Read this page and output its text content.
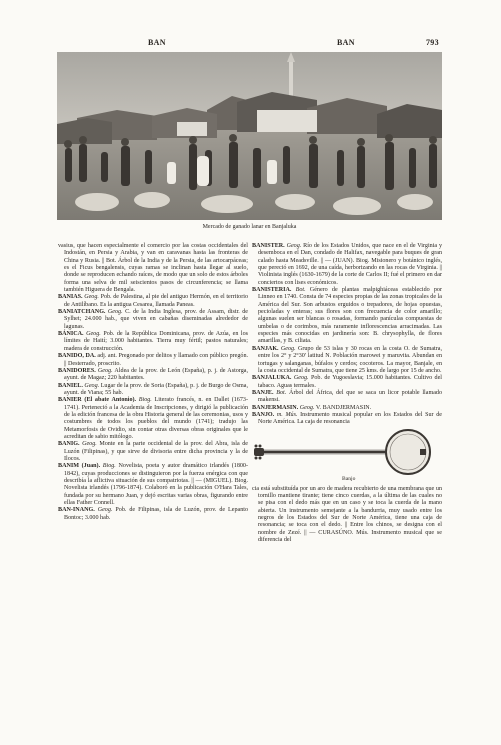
BAN	BAN	793
Mercado de ganado lanar en Banjaluka

vasius, que hacen especialmente el comercio por las costas occidentales del Indostán, en Persia y Arabia, y van en caravanas hasta las fronteras de China y Rusia. || Bot. Árbol de la India y de la Persia, de las artocarpáceas; es el Ficus bengalensis, cuyas ramas se inclinan hasta llegar al suelo, donde se reproducen echando raíces, de modo que un solo de estos árboles forma una selva de mil seiscientos pasos de circunferencia; se llama también Higuera de Bengala.

BANIAS. Geog. Pob. de Palestina, al pie del antiguo Hermón, en el territorio de Antilíbano. Es la antigua Cesarea, llamada Paneas.

BANIATCHANG. Geog. C. de la India Inglesa, prov. de Assam, distr. de Sylhet; 24.000 hab., que viven en cabañas diseminadas alrededor de lagunas.

BÁNICA. Geog. Pob. de la República Dominicana, prov. de Azúa, en los límites de Haití; 3.000 habitantes. Tierra muy fértil; pastos naturales; madera de construcción.

BANIDO, DA. adj. ant. Pregonado por delitos y llamado con público pregón. || Desterrado, proscrito.

BANIDORES. Geog. Aldea de la prov. de León (España), p. j. de Astorga, ayunt. de Magaz; 220 habitantes.

BANIEL. Geog. Lugar de la prov. de Soria (España), p. j. de Burgo de Osma, ayunt. de Viana; 55 hab.

BANIER (El abate Antonio). Biog. Literato francés, n. en Dallet (1673-1741). Perteneció a la Academia de Inscripciones, y dirigió la publicación de la edición francesa de la obra Historia general de las ceremonias, usos y costumbres de todos los pueblos del mundo (1741); tradujo las Metamorfosis de Ovidio, sin contar otras diversas obras originales que le acreditan de sabio mitólogo.

BANIG. Geog. Monte en la parte occidental de la prov. del Abra, isla de Luzón (Filipinas), y que sirve de divisoria entre dicha provincia y la de Ilocos.

BANIM (Juan). Biog. Novelista, poeta y autor dramático irlandés (1800-1842), cuyas producciones se distinguieron por la fuerza enérgica con que describía la aflictiva situación de sus compatriotas. || — (MIGUEL). Biog. Novelista irlandés (1796-1874). Colaboró en la publicación O'Hara Tales, fundada por su hermano Juan, y dejó escritas varias obras, figurando entre ellas Father Connell.

BAN-INANG. Geog. Pob. de Filipinas, isla de Luzón, prov. de Lepanto Bontoc; 3.000 hab.

BANISTER. Geog. Río de los Estados Unidos, que nace en el de Virginia y desemboca en el Dan, condado de Halifax, navegable para buques de gran calado hasta Meadsville. || — (JUAN). Biog. Misionero y botánico inglés, que pereció en 1692, de una caída, herborizando en las rocas de Virginia. || Violinista inglés (1630-1679) de la corte de Carlos II; fué el primero en dar conciertos con lises económicos.

BANISTERIA. Bot. Género de plantas malpighiáceas establecido por Linneo en 1740. Consta de 74 especies propias de las zonas tropicales de la América del Sur. Son arbustos erguidos o trepadores, de hojas opuestas, pecioladas y enteras; sus flores son con frecuencia de color amarillo; algunas suelen ser blancas o rosadas, formando panículas compuestas de umbelas o de corimbos, más raramente inflorescencias arracimadas. Las especies más conocidas en jardinería son: B. chrysophylla, de flores amarillas, y B. ciliata.

BANJAK. Geog. Grupo de 53 islas y 30 rocas en la costa O. de Sumatra, entre los 2° y 2°30' latitud N. Población marowei y maruvita. Abundan en tortugas y salanganas, búfalos y cerdos; cocoteros. La mayor, Banjale, en la costa occidental de Sumatra, que tiene 25 kms. de largo por 15 de ancho.

BANJALUKA. Geog. Pob. de Yugoeslavia; 15.000 habitantes. Cultivo del tabaco. Aguas termales.

BANJE. Bot. Árbol del África, del que se saca un licor potable llamado makensi.

BANJERMASIN. Geog. V. BANDJERMASIN.

BANJO. m. Mús. Instrumento musical popular en los Estados del Sur de Norte América. La caja de resonancia

Banjo

cia está substituída por un aro de madera recubierto de una membrana que un tornillo mantiene tirante; tiene cinco cuerdas, a la última de las cuales no se pisa con el dedo más que en un caso y se toca la cuerda de la mano abierta. Un instrumento semejante a la bandurria, muy usado entre los negros de los Estados del Sur de Norte América, tiene una caja de resonancia; se toca con el dedo. || Entre los chinos, se designa con el nombre de Zezé. || — CURASÚNO. Mús. Instrumento musical que se diferencia del
